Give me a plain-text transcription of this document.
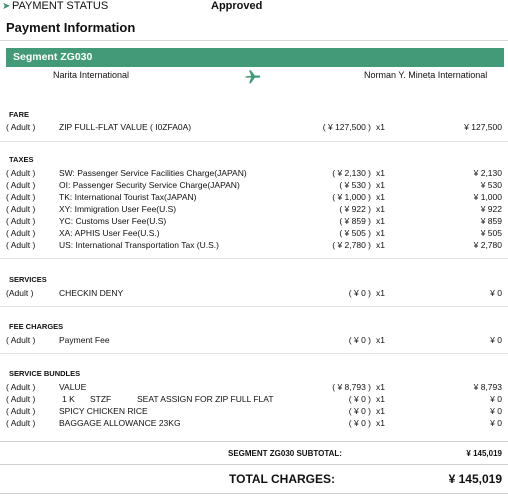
➤ PAYMENT STATUS	Approved
Payment Information
Segment ZG030
Narita International	Norman Y. Mineta International
FARE
( Adult )	ZIP FULL-FLAT VALUE ( I0ZFA0A)	( ¥ 127,500 ) x1	¥ 127,500
TAXES
( Adult )	SW: Passenger Service Facilities Charge(JAPAN)	( ¥ 2,130 ) x1	¥ 2,130
( Adult )	OI: Passenger Security Service Charge(JAPAN)	( ¥ 530 ) x1	¥ 530
( Adult )	TK: International Tourist Tax(JAPAN)	( ¥ 1,000 ) x1	¥ 1,000
( Adult )	XY: Immigration User Fee(U.S)	( ¥ 922 ) x1	¥ 922
( Adult )	YC: Customs User Fee(U.S)	( ¥ 859 ) x1	¥ 859
( Adult )	XA: APHIS User Fee(U.S.)	( ¥ 505 ) x1	¥ 505
( Adult )	US: International Transportation Tax (U.S.)	( ¥ 2,780 ) x1	¥ 2,780
SERVICES
(Adult )	CHECKIN DENY	( ¥ 0 ) x1	¥ 0
FEE CHARGES
( Adult )	Payment Fee	( ¥ 0 ) x1	¥ 0
SERVICE BUNDLES
( Adult )	VALUE	( ¥ 8,793 ) x1	¥ 8,793
( Adult )	1 K STZF	SEAT ASSIGN FOR ZIP FULL FLAT	( ¥ 0 ) x1	¥ 0
( Adult )	SPICY CHICKEN RICE	( ¥ 0 ) x1	¥ 0
( Adult )	BAGGAGE ALLOWANCE 23KG	( ¥ 0 ) x1	¥ 0
SEGMENT ZG030 SUBTOTAL:	¥ 145,019
TOTAL CHARGES:	¥ 145,019
